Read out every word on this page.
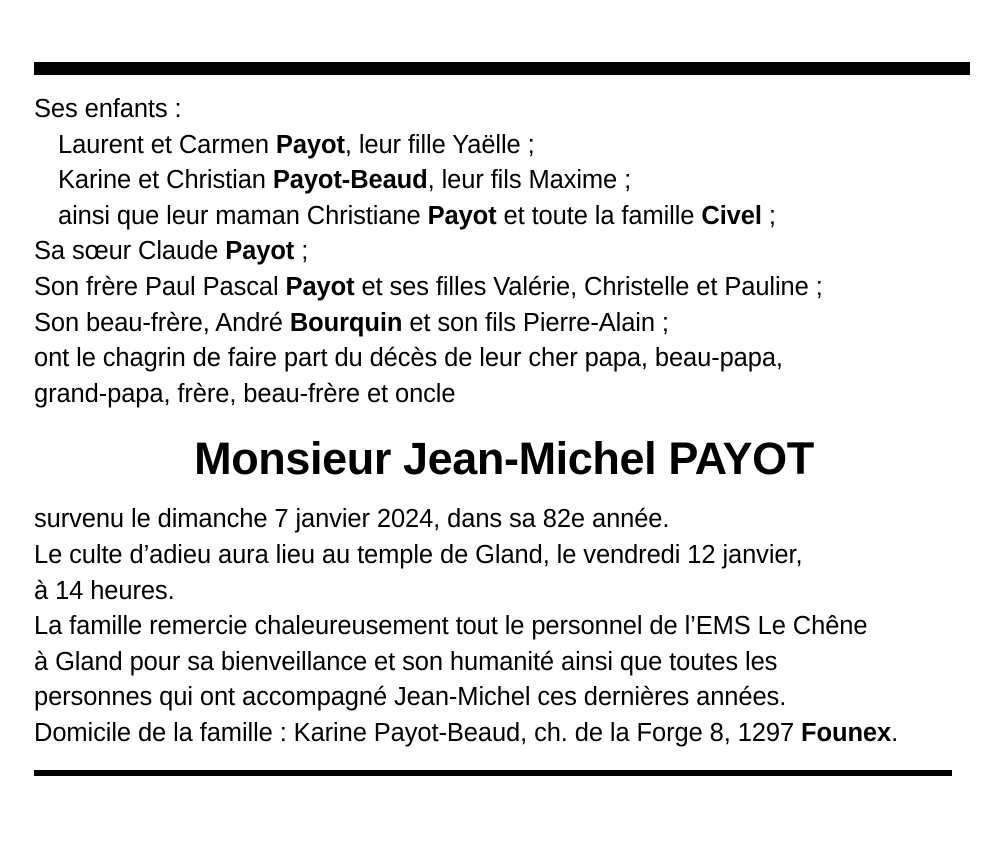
Ses enfants :
Laurent et Carmen Payot, leur fille Yaëlle ;
Karine et Christian Payot-Beaud, leur fils Maxime ;
ainsi que leur maman Christiane Payot et toute la famille Civel ;
Sa sœur Claude Payot ;
Son frère Paul Pascal Payot et ses filles Valérie, Christelle et Pauline ;
Son beau-frère, André Bourquin et son fils Pierre-Alain ;
ont le chagrin de faire part du décès de leur cher papa, beau-papa,
grand-papa, frère, beau-frère et oncle
Monsieur Jean-Michel PAYOT
survenu le dimanche 7 janvier 2024, dans sa 82e année.
Le culte d’adieu aura lieu au temple de Gland, le vendredi 12 janvier,
à 14 heures.
La famille remercie chaleureusement tout le personnel de l’EMS Le Chêne
à Gland pour sa bienveillance et son humanité ainsi que toutes les
personnes qui ont accompagné Jean-Michel ces dernières années.
Domicile de la famille : Karine Payot-Beaud, ch. de la Forge 8, 1297 Founex.
